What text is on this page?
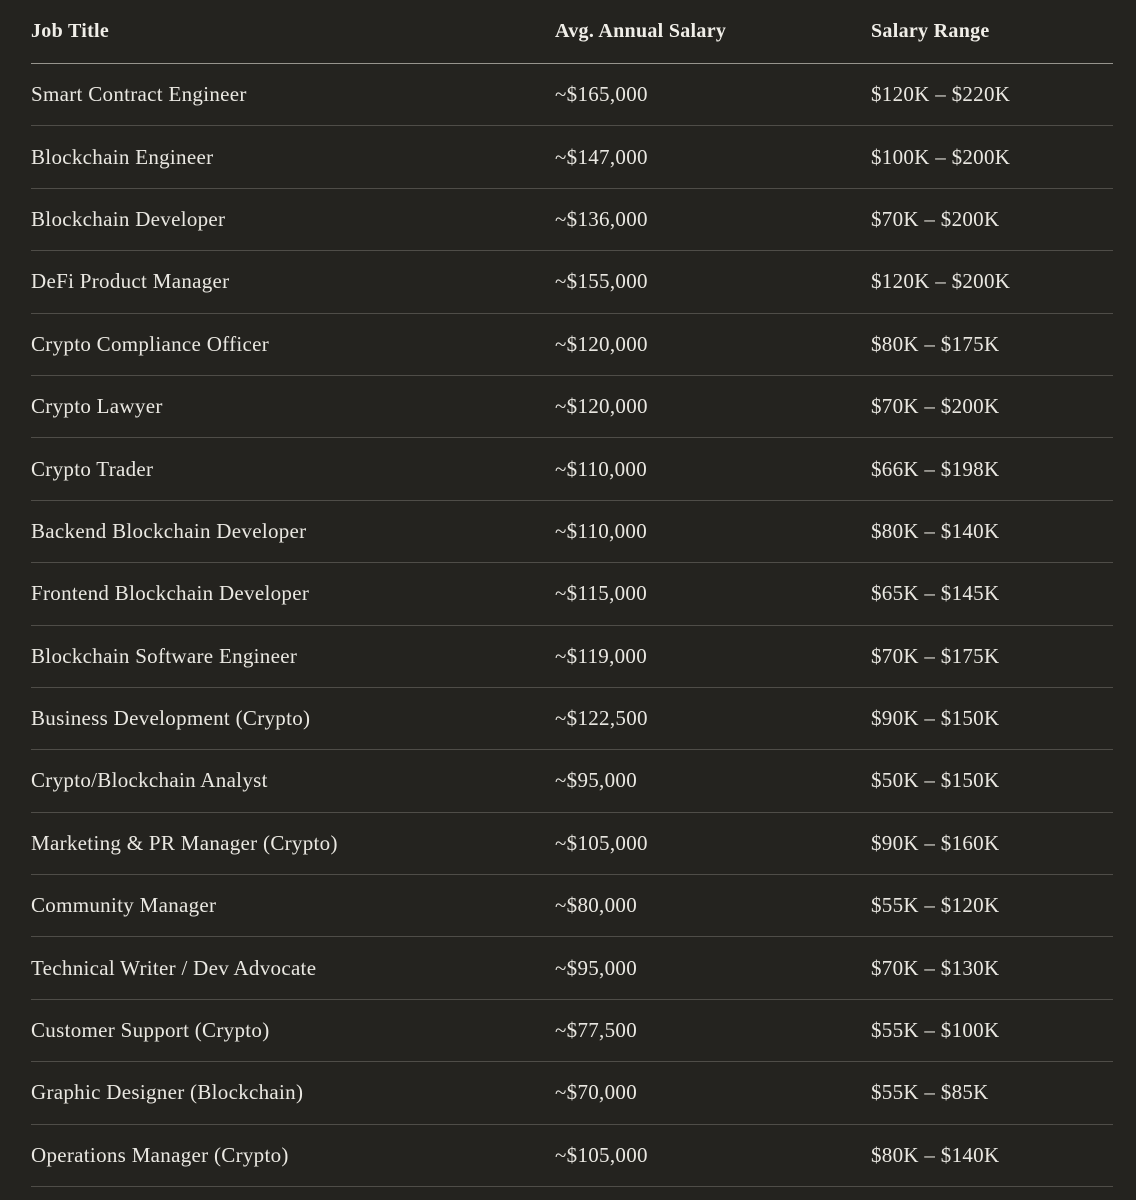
Job Title	Avg. Annual Salary	Salary Range
Smart Contract Engineer	~$165,000	$120K – $220K
Blockchain Engineer	~$147,000	$100K – $200K
Blockchain Developer	~$136,000	$70K – $200K
DeFi Product Manager	~$155,000	$120K – $200K
Crypto Compliance Officer	~$120,000	$80K – $175K
Crypto Lawyer	~$120,000	$70K – $200K
Crypto Trader	~$110,000	$66K – $198K
Backend Blockchain Developer	~$110,000	$80K – $140K
Frontend Blockchain Developer	~$115,000	$65K – $145K
Blockchain Software Engineer	~$119,000	$70K – $175K
Business Development (Crypto)	~$122,500	$90K – $150K
Crypto/Blockchain Analyst	~$95,000	$50K – $150K
Marketing & PR Manager (Crypto)	~$105,000	$90K – $160K
Community Manager	~$80,000	$55K – $120K
Technical Writer / Dev Advocate	~$95,000	$70K – $130K
Customer Support (Crypto)	~$77,500	$55K – $100K
Graphic Designer (Blockchain)	~$70,000	$55K – $85K
Operations Manager (Crypto)	~$105,000	$80K – $140K
